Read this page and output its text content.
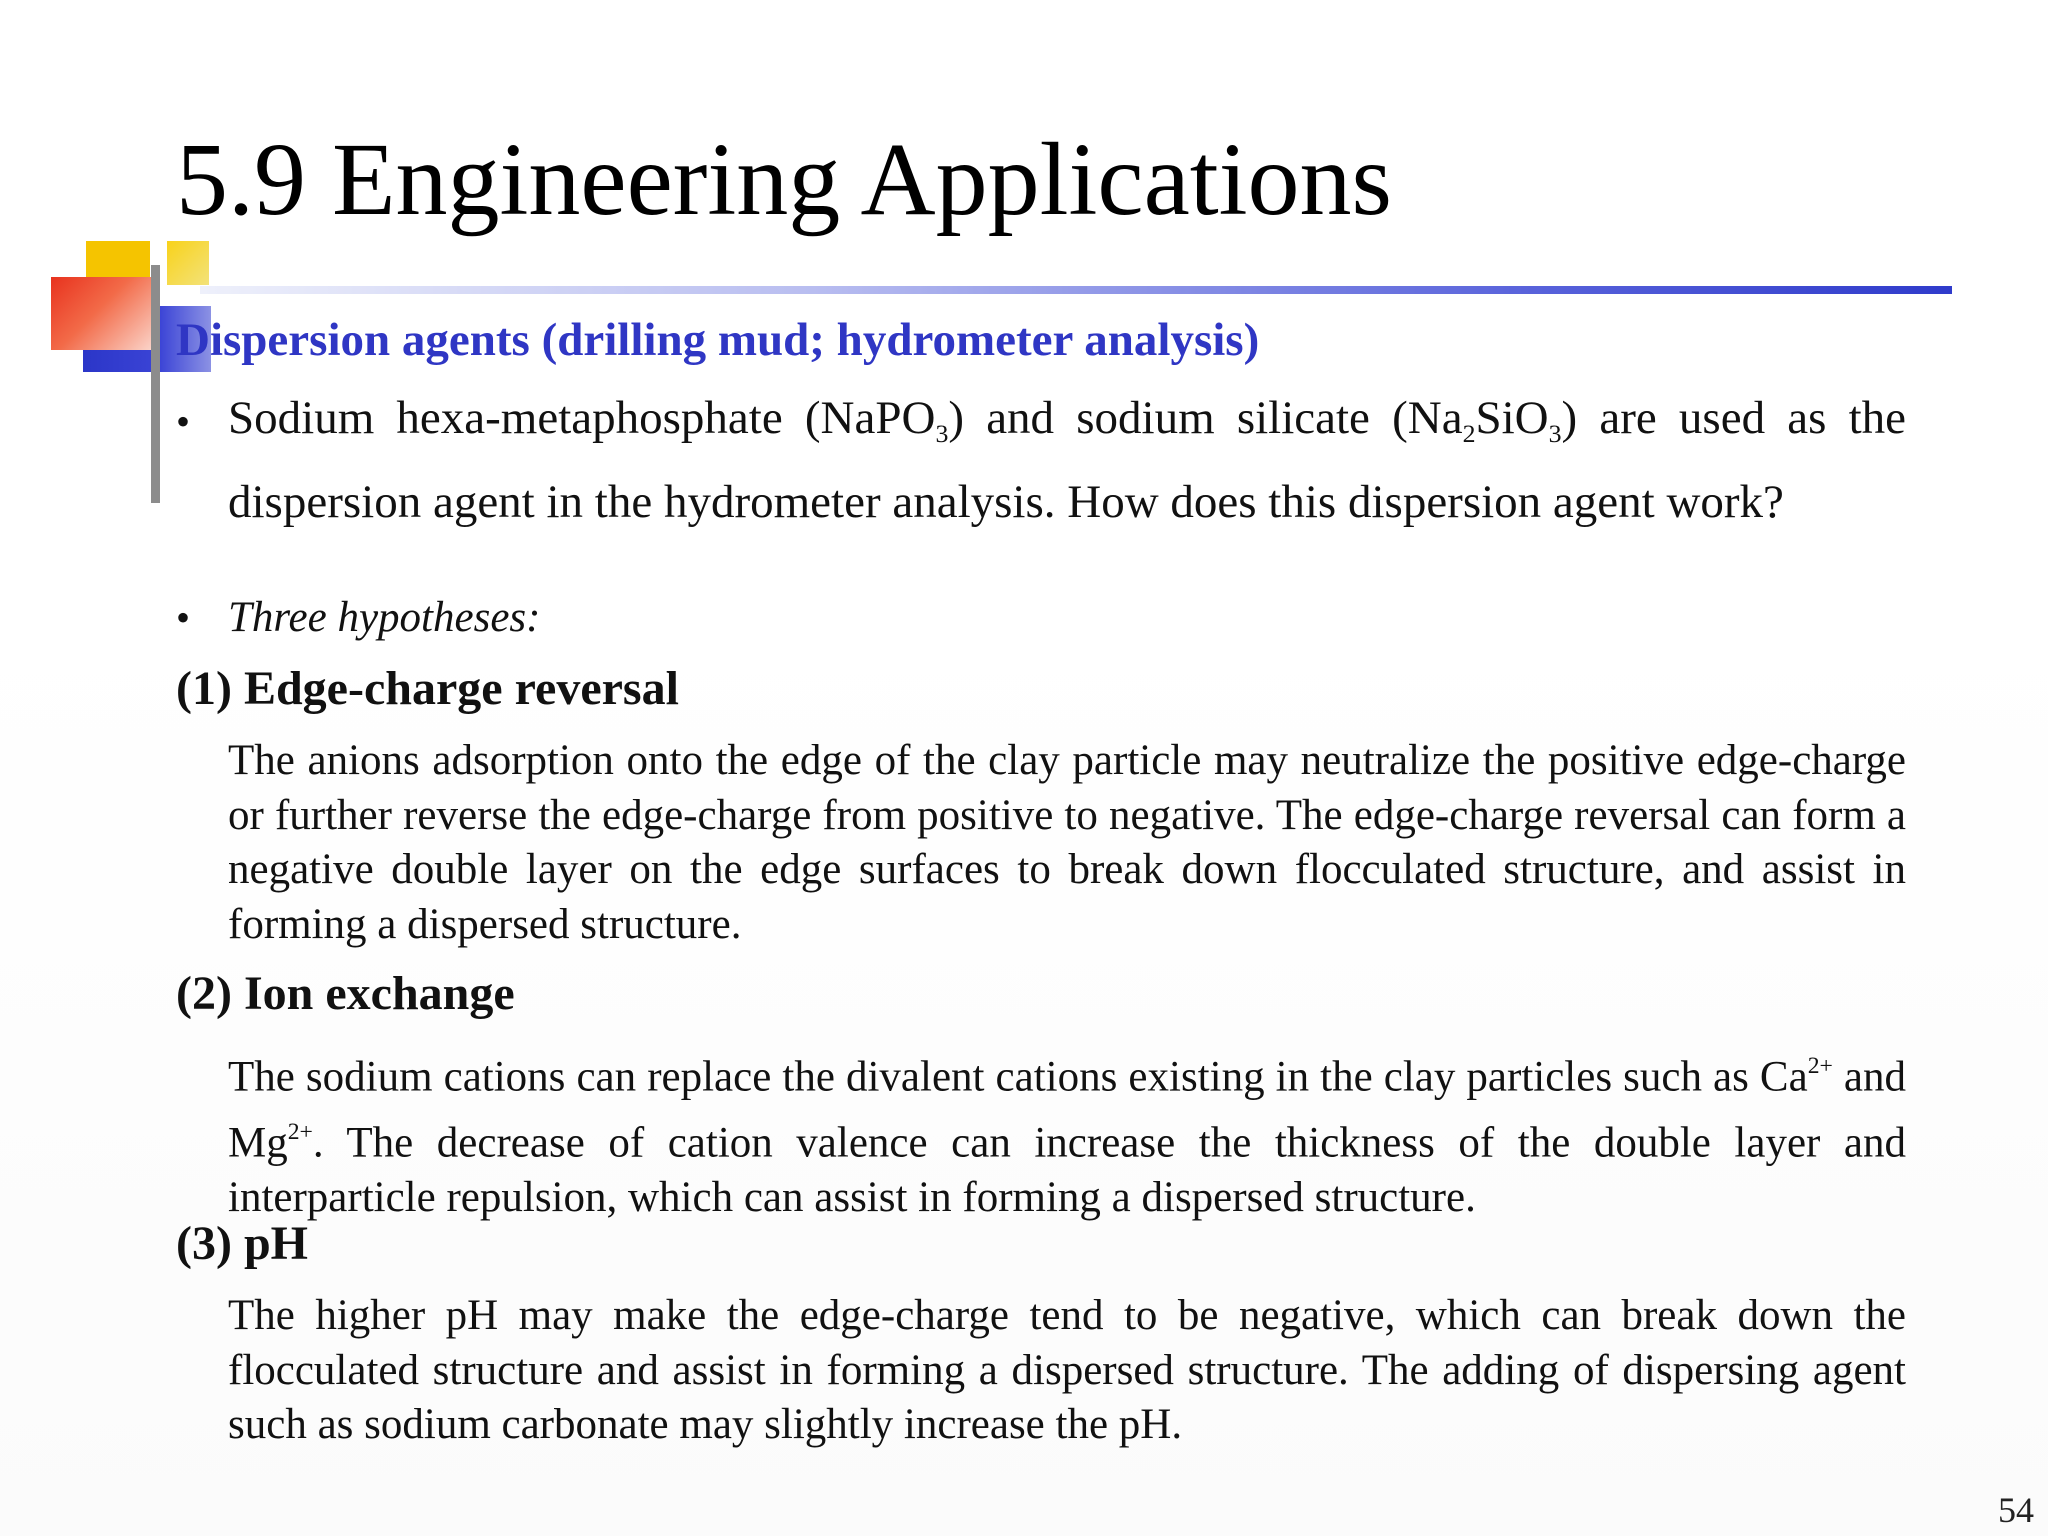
5.9 Engineering Applications
Dispersion agents (drilling mud; hydrometer analysis)
• Sodium hexa-metaphosphate (NaPO$_3$) and sodium silicate $(Na_2SiO_3)$ are used as the dispersion agent in the hydrometer analysis. How does this dispersion agent work?
• Three hypotheses:
(1) Edge-charge reversal
The anions adsorption onto the edge of the clay particle may neutralize the positive edge-charge or further reverse the edge-charge from positive to negative. The edge-charge reversal can form a negative double layer on the edge surfaces to break down flocculated structure, and assist in forming a dispersed structure.
(2) Ion exchange
The sodium cations can replace the divalent cations existing in the clay particles such as $Ca^{2+}$ and $Mg^{2+}$. The decrease of cation valence can increase the thickness of the double layer and interparticle repulsion, which can assist in forming a dispersed structure.
(3) pH
The higher pH may make the edge-charge tend to be negative, which can break down the flocculated structure and assist in forming a dispersed structure. The adding of dispersing agent such as sodium carbonate may slightly increase the pH.
54
